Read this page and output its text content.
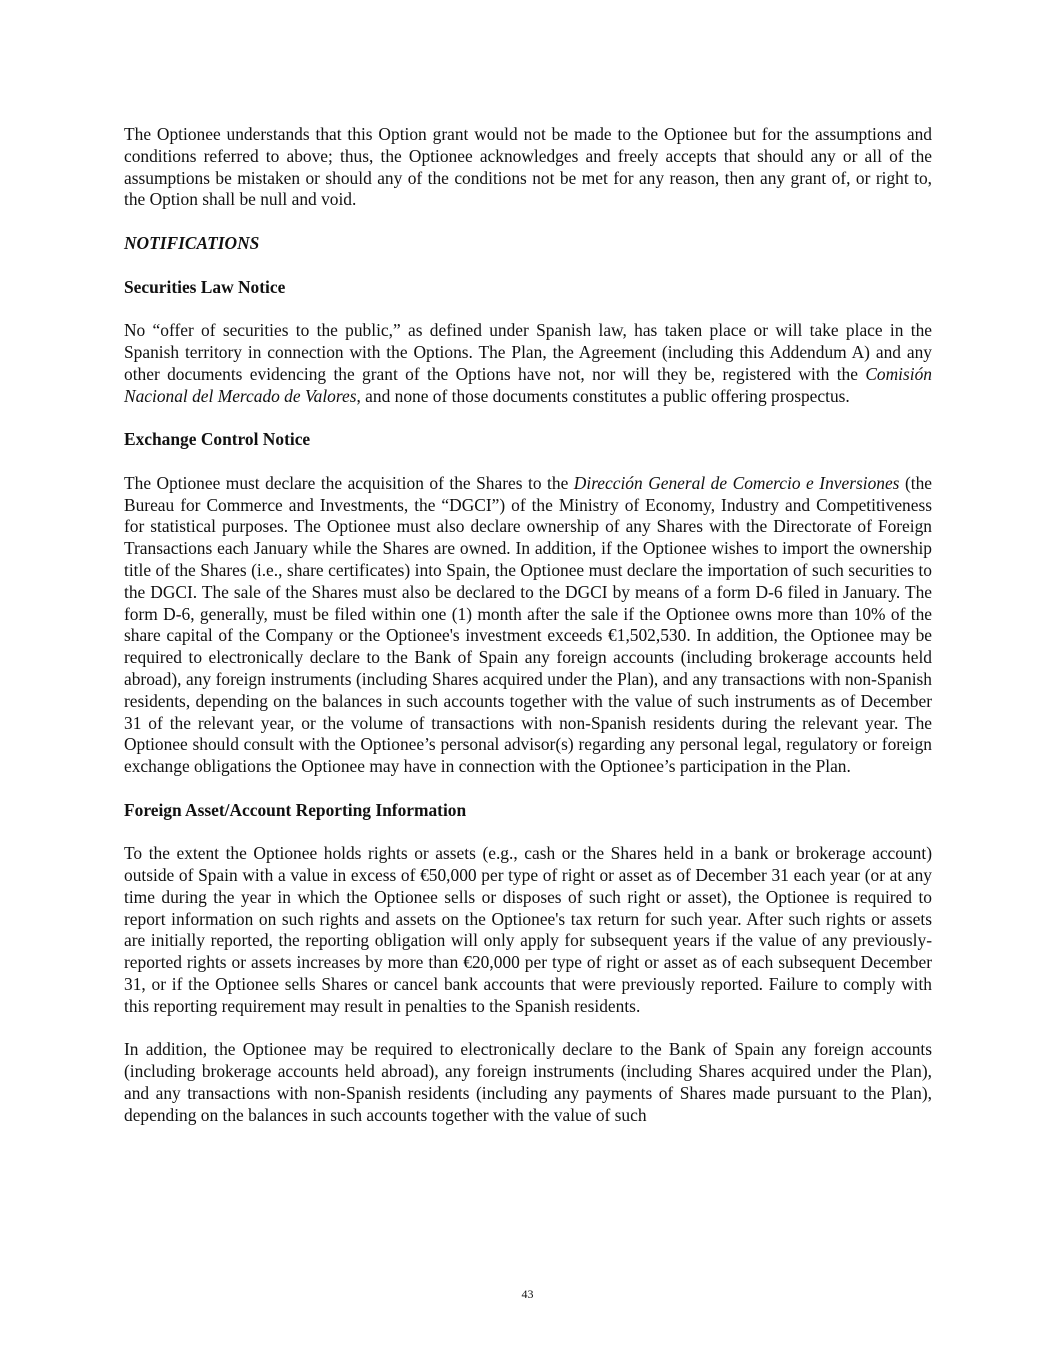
The Optionee understands that this Option grant would not be made to the Optionee but for the assumptions and conditions referred to above; thus, the Optionee acknowledges and freely accepts that should any or all of the assumptions be mistaken or should any of the conditions not be met for any reason, then any grant of, or right to, the Option shall be null and void.

NOTIFICATIONS
Securities Law Notice

No “offer of securities to the public,” as defined under Spanish law, has taken place or will take place in the Spanish territory in connection with the Options. The Plan, the Agreement (including this Addendum A) and any other documents evidencing the grant of the Options have not, nor will they be, registered with the Comisión Nacional del Mercado de Valores, and none of those documents constitutes a public offering prospectus.

Exchange Control Notice

The Optionee must declare the acquisition of the Shares to the Dirección General de Comercio e Inversiones (the Bureau for Commerce and Investments, the “DGCI”) of the Ministry of Economy, Industry and Competitiveness for statistical purposes. The Optionee must also declare ownership of any Shares with the Directorate of Foreign Transactions each January while the Shares are owned. In addition, if the Optionee wishes to import the ownership title of the Shares (i.e., share certificates) into Spain, the Optionee must declare the importation of such securities to the DGCI. The sale of the Shares must also be declared to the DGCI by means of a form D-6 filed in January. The form D-6, generally, must be filed within one (1) month after the sale if the Optionee owns more than 10% of the share capital of the Company or the Optionee's investment exceeds €1,502,530. In addition, the Optionee may be required to electronically declare to the Bank of Spain any foreign accounts (including brokerage accounts held abroad), any foreign instruments (including Shares acquired under the Plan), and any transactions with non-Spanish residents, depending on the balances in such accounts together with the value of such instruments as of December 31 of the relevant year, or the volume of transactions with non-Spanish residents during the relevant year. The Optionee should consult with the Optionee’s personal advisor(s) regarding any personal legal, regulatory or foreign exchange obligations the Optionee may have in connection with the Optionee’s participation in the Plan.

Foreign Asset/Account Reporting Information

To the extent the Optionee holds rights or assets (e.g., cash or the Shares held in a bank or brokerage account) outside of Spain with a value in excess of €50,000 per type of right or asset as of December 31 each year (or at any time during the year in which the Optionee sells or disposes of such right or asset), the Optionee is required to report information on such rights and assets on the Optionee's tax return for such year. After such rights or assets are initially reported, the reporting obligation will only apply for subsequent years if the value of any previously-reported rights or assets increases by more than €20,000 per type of right or asset as of each subsequent December 31, or if the Optionee sells Shares or cancel bank accounts that were previously reported. Failure to comply with this reporting requirement may result in penalties to the Spanish residents.

In addition, the Optionee may be required to electronically declare to the Bank of Spain any foreign accounts (including brokerage accounts held abroad), any foreign instruments (including Shares acquired under the Plan), and any transactions with non-Spanish residents (including any payments of Shares made pursuant to the Plan), depending on the balances in such accounts together with the value of such

43
